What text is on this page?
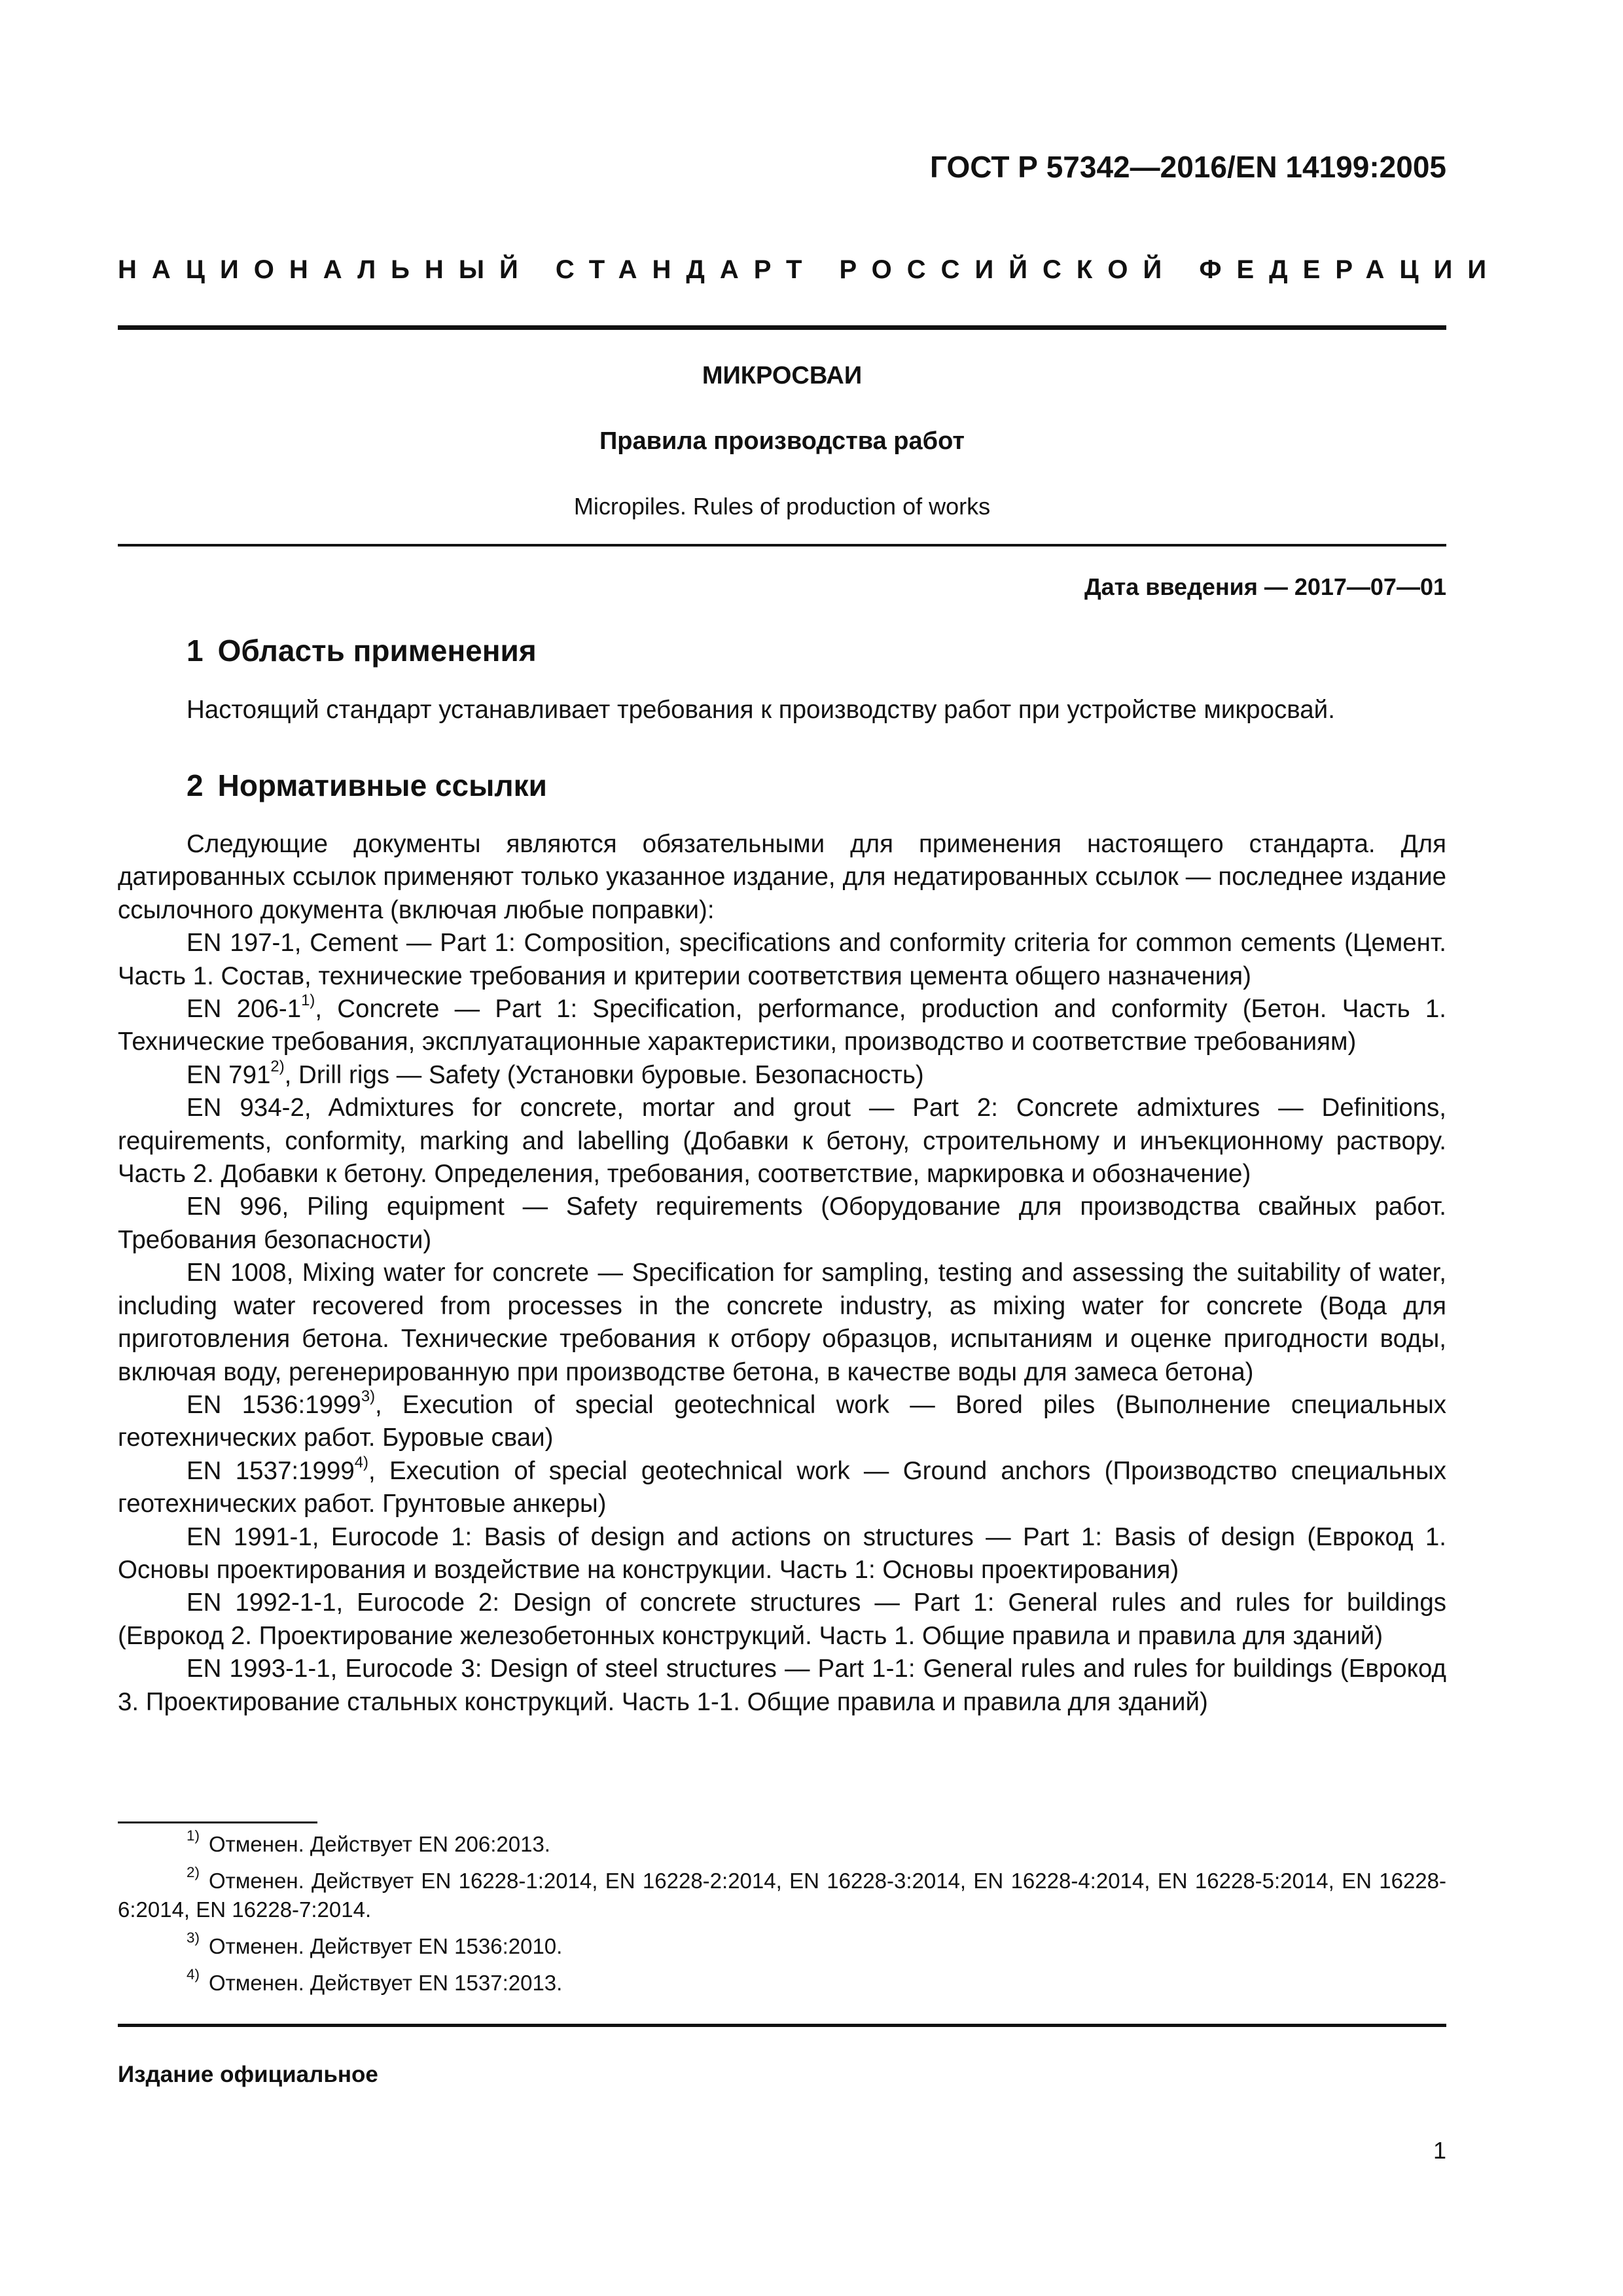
ГОСТ Р 57342—2016/EN 14199:2005
НАЦИОНАЛЬНЫЙ СТАНДАРТ РОССИЙСКОЙ ФЕДЕРАЦИИ
МИКРОСВАИ
Правила производства работ
Micropiles. Rules of production of works
Дата введения — 2017—07—01
1 Область применения

Настоящий стандарт устанавливает требования к производству работ при устройстве микросвай.

2 Нормативные ссылки

Следующие документы являются обязательными для применения настоящего стандарта. Для датированных ссылок применяют только указанное издание, для недатированных ссылок — последнее издание ссылочного документа (включая любые поправки):

EN 197-1, Cement — Part 1: Composition, specifications and conformity criteria for common cements (Цемент. Часть 1. Состав, технические требования и критерии соответствия цемента общего назначения)

EN 206-1$^{1)}$, Concrete — Part 1: Specification, performance, production and conformity (Бетон. Часть 1. Технические требования, эксплуатационные характеристики, производство и соответствие требованиям)

EN 791$^{2)}$, Drill rigs — Safety (Установки буровые. Безопасность)

EN 934-2, Admixtures for concrete, mortar and grout — Part 2: Concrete admixtures — Definitions, requirements, conformity, marking and labelling (Добавки к бетону, строительному и инъекционному раствору. Часть 2. Добавки к бетону. Определения, требования, соответствие, маркировка и обозначение)

EN 996, Piling equipment — Safety requirements (Оборудование для производства свайных работ. Требования безопасности)

EN 1008, Mixing water for concrete — Specification for sampling, testing and assessing the suitability of water, including water recovered from processes in the concrete industry, as mixing water for concrete (Вода для приготовления бетона. Технические требования к отбору образцов, испытаниям и оценке пригодности воды, включая воду, регенерированную при производстве бетона, в качестве воды для замеса бетона)

EN 1536:1999$^{3)}$, Execution of special geotechnical work — Bored piles (Выполнение специальных геотехнических работ. Буровые сваи)

EN 1537:1999$^{4)}$, Execution of special geotechnical work — Ground anchors (Производство специальных геотехнических работ. Грунтовые анкеры)

EN 1991-1, Eurocode 1: Basis of design and actions on structures — Part 1: Basis of design (Еврокод 1. Основы проектирования и воздействие на конструкции. Часть 1: Основы проектирования)

EN 1992-1-1, Eurocode 2: Design of concrete structures — Part 1: General rules and rules for buildings (Еврокод 2. Проектирование железобетонных конструкций. Часть 1. Общие правила и правила для зданий)

EN 1993-1-1, Eurocode 3: Design of steel structures — Part 1-1: General rules and rules for buildings (Еврокод 3. Проектирование стальных конструкций. Часть 1-1. Общие правила и правила для зданий)

$^{1)}$ Отменен. Действует EN 206:2013.

$^{2)}$ Отменен. Действует EN 16228-1:2014, EN 16228-2:2014, EN 16228-3:2014, EN 16228-4:2014, EN 16228-5:2014, EN 16228-6:2014, EN 16228-7:2014.

$^{3)}$ Отменен. Действует EN 1536:2010.

$^{4)}$ Отменен. Действует EN 1537:2013.

Издание официальное
1
